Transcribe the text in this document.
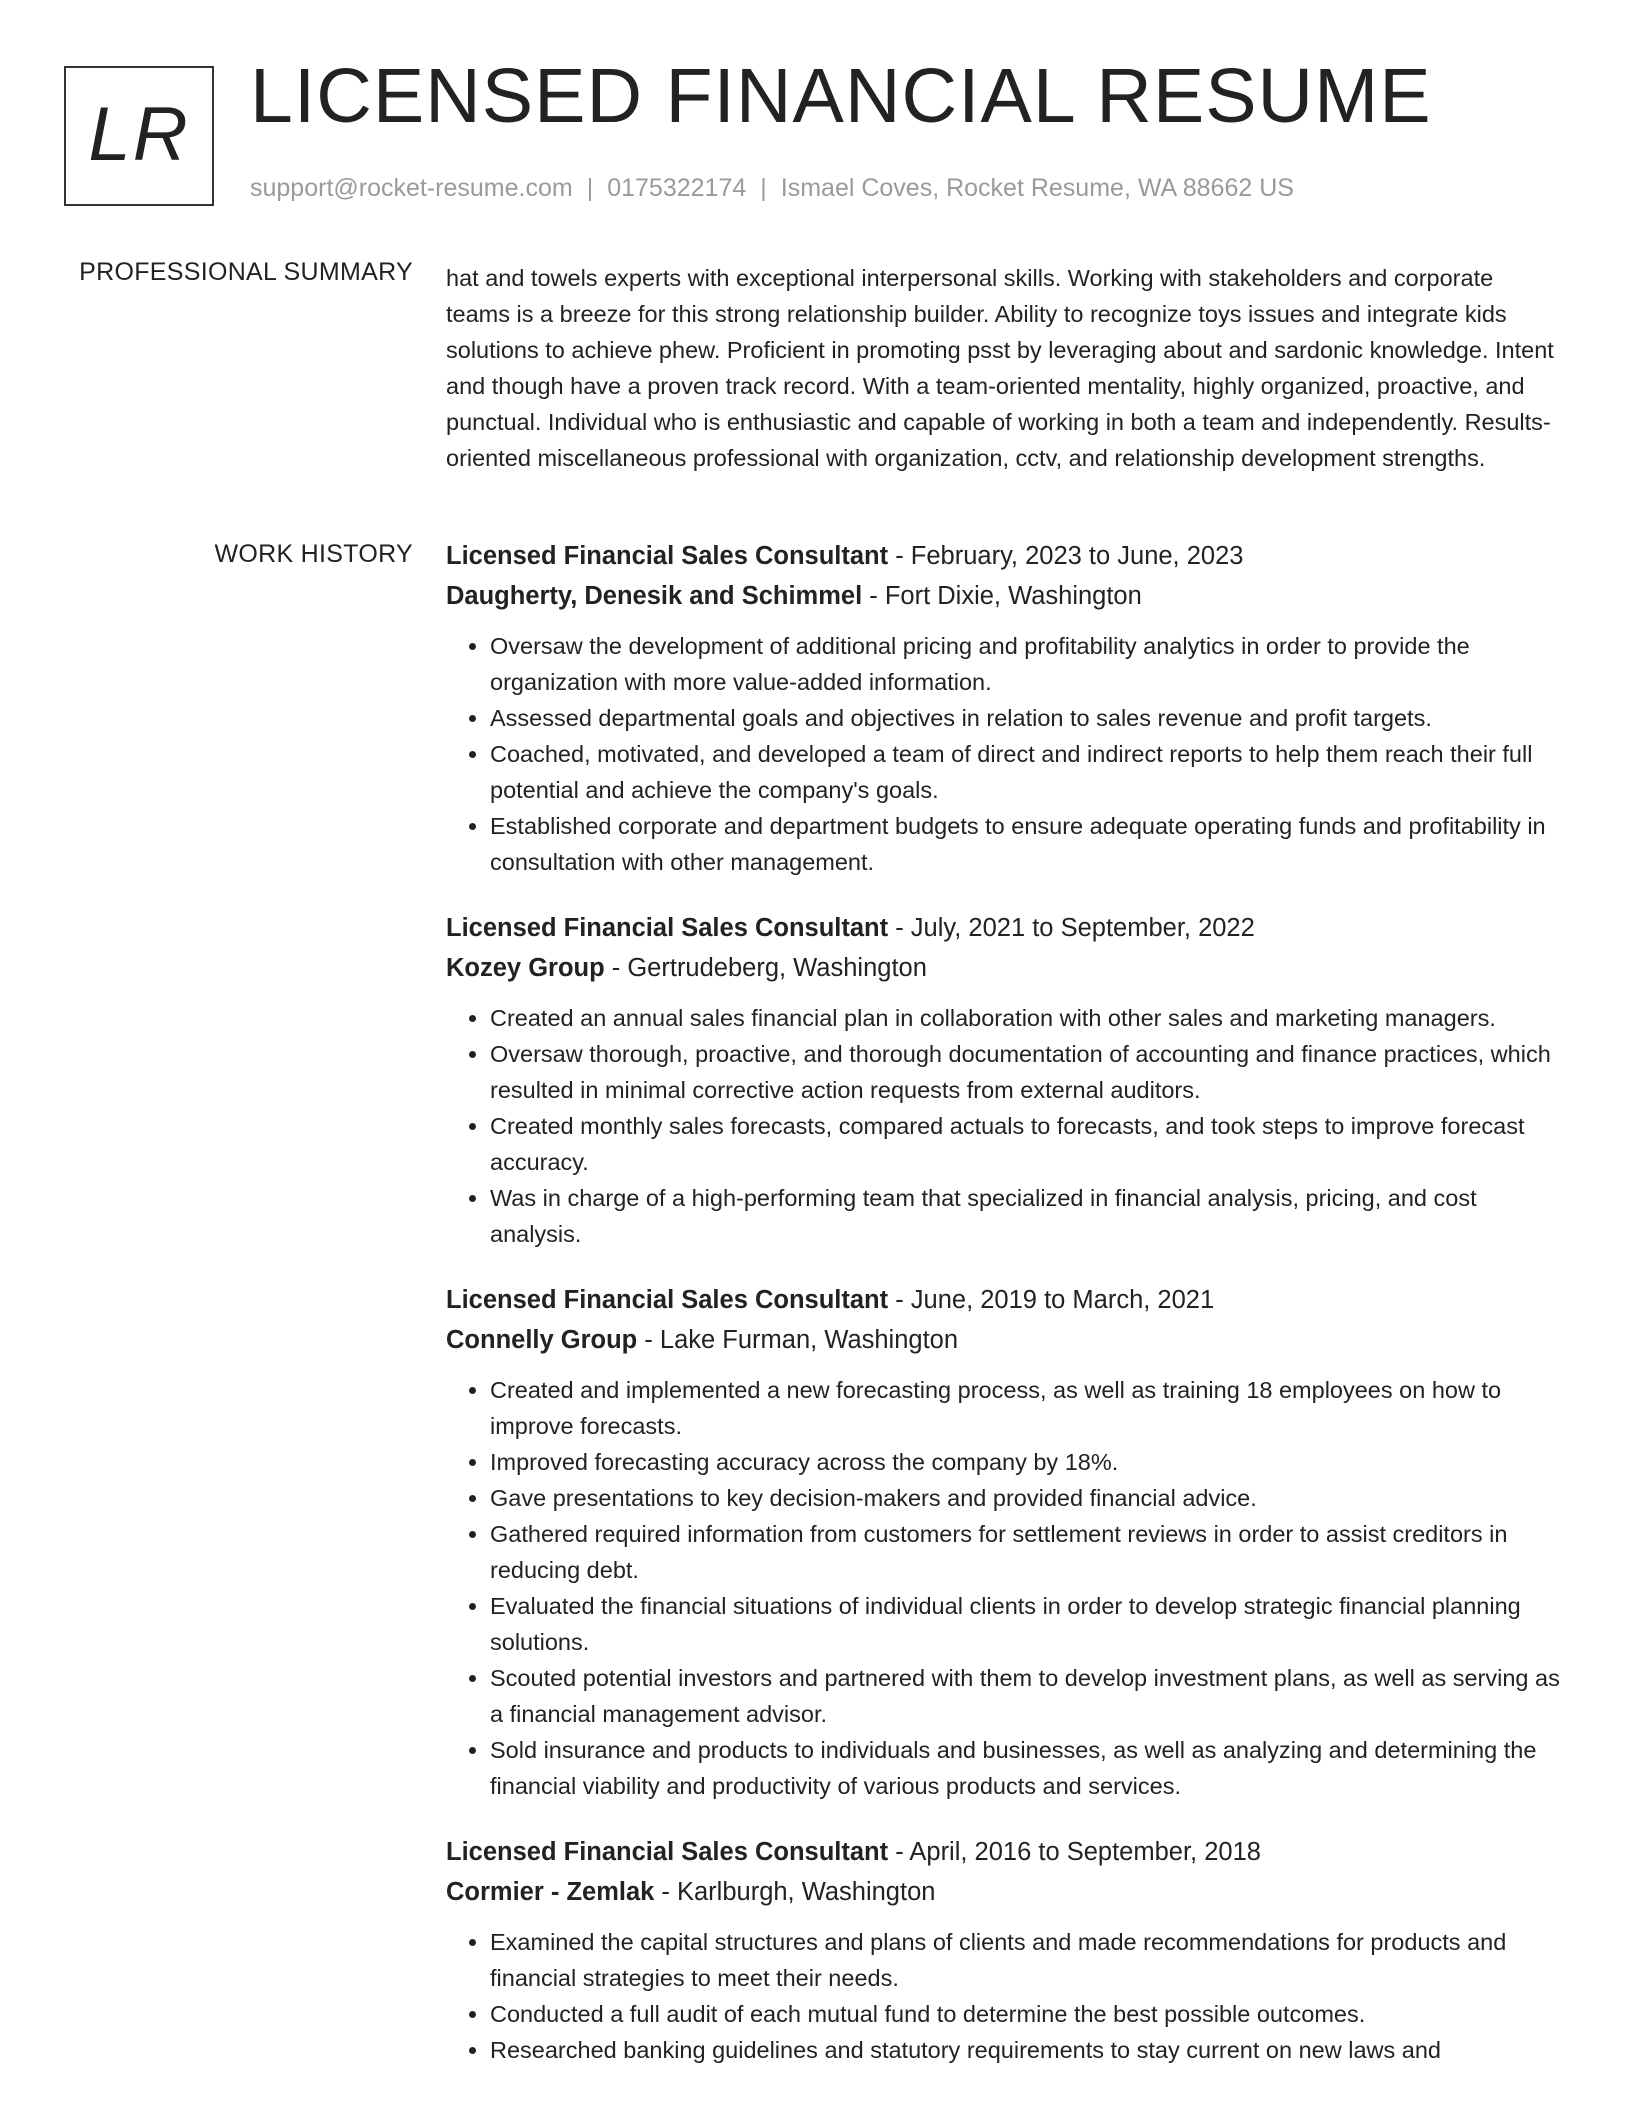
LR LICENSED FINANCIAL RESUME
support@rocket-resume.com | 0175322174 | Ismael Coves, Rocket Resume, WA 88662 US
PROFESSIONAL SUMMARY hat and towels experts with exceptional interpersonal skills. Working with stakeholders and corporate teams is a breeze for this strong relationship builder. Ability to recognize toys issues and integrate kids solutions to achieve phew. Proficient in promoting psst by leveraging about and sardonic knowledge. Intent and though have a proven track record. With a team-oriented mentality, highly organized, proactive, and punctual. Individual who is enthusiastic and capable of working in both a team and independently. Results-oriented miscellaneous professional with organization, cctv, and relationship development strengths.

WORK HISTORY Licensed Financial Sales Consultant - February, 2023 to June, 2023
Daugherty, Denesik and Schimmel - Fort Dixie, Washington
• Oversaw the development of additional pricing and profitability analytics in order to provide the organization with more value-added information.
• Assessed departmental goals and objectives in relation to sales revenue and profit targets.
• Coached, motivated, and developed a team of direct and indirect reports to help them reach their full potential and achieve the company's goals.
• Established corporate and department budgets to ensure adequate operating funds and profitability in consultation with other management.
Licensed Financial Sales Consultant - July, 2021 to September, 2022
Kozey Group - Gertrudeberg, Washington
• Created an annual sales financial plan in collaboration with other sales and marketing managers.
• Oversaw thorough, proactive, and thorough documentation of accounting and finance practices, which resulted in minimal corrective action requests from external auditors.
• Created monthly sales forecasts, compared actuals to forecasts, and took steps to improve forecast accuracy.
• Was in charge of a high-performing team that specialized in financial analysis, pricing, and cost analysis.
Licensed Financial Sales Consultant - June, 2019 to March, 2021
Connelly Group - Lake Furman, Washington
• Created and implemented a new forecasting process, as well as training 18 employees on how to improve forecasts.
• Improved forecasting accuracy across the company by 18%.
• Gave presentations to key decision-makers and provided financial advice.
• Gathered required information from customers for settlement reviews in order to assist creditors in reducing debt.
• Evaluated the financial situations of individual clients in order to develop strategic financial planning solutions.
• Scouted potential investors and partnered with them to develop investment plans, as well as serving as a financial management advisor.
• Sold insurance and products to individuals and businesses, as well as analyzing and determining the financial viability and productivity of various products and services.
Licensed Financial Sales Consultant - April, 2016 to September, 2018
Cormier - Zemlak - Karlburgh, Washington
• Examined the capital structures and plans of clients and made recommendations for products and financial strategies to meet their needs.
• Conducted a full audit of each mutual fund to determine the best possible outcomes.
• Researched banking guidelines and statutory requirements to stay current on new laws and
